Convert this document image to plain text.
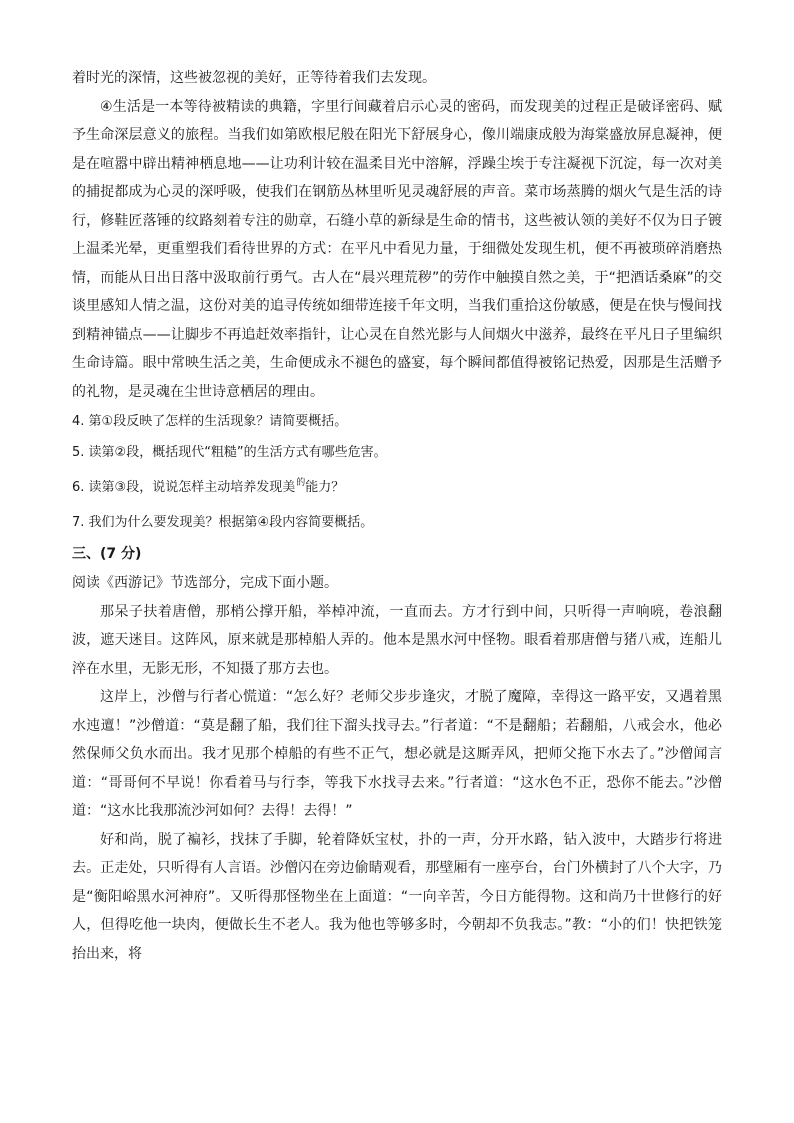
着时光的深情，这些被忽视的美好，正等待着我们去发现。

④生活是一本等待被精读的典籍，字里行间藏着启示心灵的密码，而发现美的过程正是破译密码、赋予生命深层意义的旅程。当我们如第欧根尼般在阳光下舒展身心，像川端康成般为海棠盛放屏息凝神，便是在喧嚣中辟出精神栖息地——让功利计较在温柔目光中溶解，浮躁尘埃于专注凝视下沉淀，每一次对美的捕捉都成为心灵的深呼吸，使我们在钢筋丛林里听见灵魂舒展的声音。菜市场蒸腾的烟火气是生活的诗行，修鞋匠落锤的纹路刻着专注的勋章，石缝小草的新绿是生命的情书，这些被认领的美好不仅为日子镀上温柔光晕，更重塑我们看待世界的方式：在平凡中看见力量，于细微处发现生机，便不再被琐碎消磨热情，而能从日出日落中汲取前行勇气。古人在“晨兴理荒秽”的劳作中触摸自然之美，于“把酒话桑麻”的交谈里感知人情之温，这份对美的追寻传统如细带连接千年文明，当我们重拾这份敏感，便是在快与慢间找到精神锚点——让脚步不再追赶效率指针，让心灵在自然光影与人间烟火中滋养，最终在平凡日子里编织生命诗篇。眼中常映生活之美，生命便成永不褪色的盛宴，每个瞬间都值得被铭记热爱，因那是生活赠予的礼物，是灵魂在尘世诗意栖居的理由。

4. 第①段反映了怎样的生活现象？请简要概括。

5. 读第②段，概括现代“粗糙”的生活方式有哪些危害。

6. 读第③段，说说怎样主动培养发现美$^的$能力？

7. 我们为什么要发现美？根据第④段内容简要概括。

三、(7 分)

阅读《西游记》节选部分，完成下面小题。

那呆子扶着唐僧，那梢公撑开船，举棹冲流，一直而去。方才行到中间，只听得一声响喨，卷浪翻波，遮天迷目。这阵风，原来就是那棹船人弄的。他本是黑水河中怪物。眼看着那唐僧与猪八戒，连船儿淬在水里，无影无形，不知摄了那方去也。

这岸上，沙僧与行者心慌道：“怎么好？老师父步步逢灾，才脱了魔障，幸得这一路平安，又遇着黑水迍邅！”沙僧道：“莫是翻了船，我们往下溜头找寻去。”行者道：“不是翻船；若翻船，八戒会水，他必然保师父负水而出。我才见那个棹船的有些不正气，想必就是这厮弄风，把师父拖下水去了。”沙僧闻言道：“哥哥何不早说！你看着马与行李，等我下水找寻去来。”行者道：“这水色不正，恐你不能去。”沙僧道：“这水比我那流沙河如何？去得！去得！”

好和尚，脱了褊衫，找抹了手脚，轮着降妖宝杖，扑的一声，分开水路，钻入波中，大踏步行将进去。正走处，只听得有人言语。沙僧闪在旁边偷睛观看，那壁厢有一座亭台，台门外横封了八个大字，乃是“衡阳峪黑水河神府”。又听得那怪物坐在上面道：“一向辛苦，今日方能得物。这和尚乃十世修行的好人，但得吃他一块肉，便做长生不老人。我为他也等够多时，今朝却不负我志。”教：“小的们！快把铁笼抬出来，将
